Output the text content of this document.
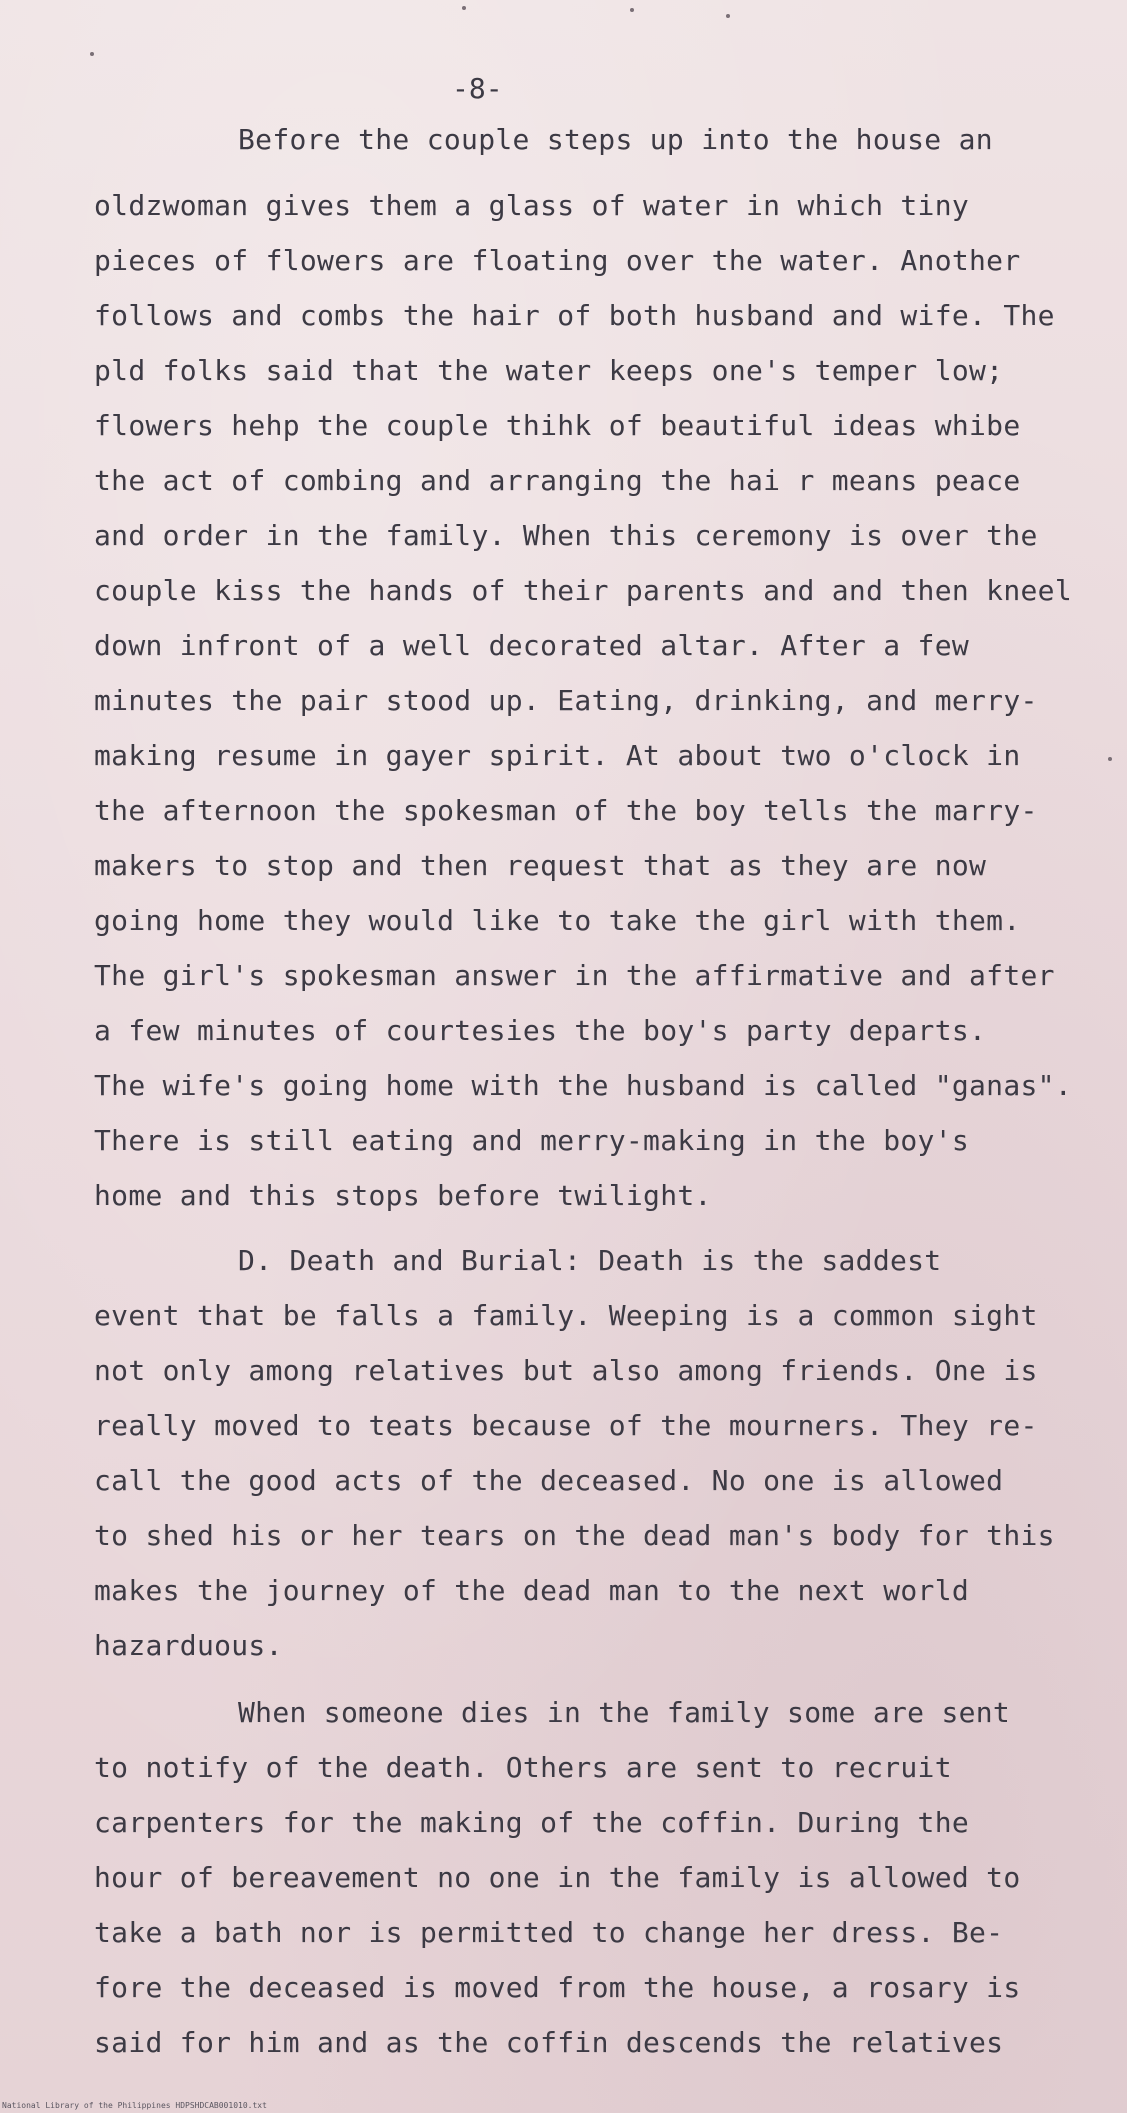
-8-

Before the couple steps up into the house an

oldzwoman gives them a glass of water in which tiny

pieces of flowers are floating over the water. Another

follows and combs the hair of both husband and wife. The

pld folks said that the water keeps one's temper low;

flowers hehp the couple thihk of beautiful ideas whibe

the act of combing and arranging the hai r means peace

and order in the family. When this ceremony is over the

couple kiss the hands of their parents and and then kneel

down infront of a well decorated altar. After a few

minutes the pair stood up. Eating, drinking, and merry-

making resume in gayer spirit. At about two o'clock in

the afternoon the spokesman of the boy tells the marry-

makers to stop and then request that as they are now

going home they would like to take the girl with them.

The girl's spokesman answer in the affirmative and after

a few minutes of courtesies the boy's party departs.

The wife's going home with the husband is called "ganas".

There is still eating and merry-making in the boy's

home and this stops before twilight.

D. Death and Burial: Death is the saddest

event that be falls a family. Weeping is a common sight

not only among relatives but also among friends. One is

really moved to teats because of the mourners. They re-

call the good acts of the deceased. No one is allowed

to shed his or her tears on the dead man's body for this

makes the journey of the dead man to the next world

hazarduous.

When someone dies in the family some are sent

to notify of the death. Others are sent to recruit

carpenters for the making of the coffin. During the

hour of bereavement no one in the family is allowed to

take a bath nor is permitted to change her dress. Be-

fore the deceased is moved from the house, a rosary is

said for him and as the coffin descends the relatives

National Library of the Philippines HDPSHDCAB001010.txt
